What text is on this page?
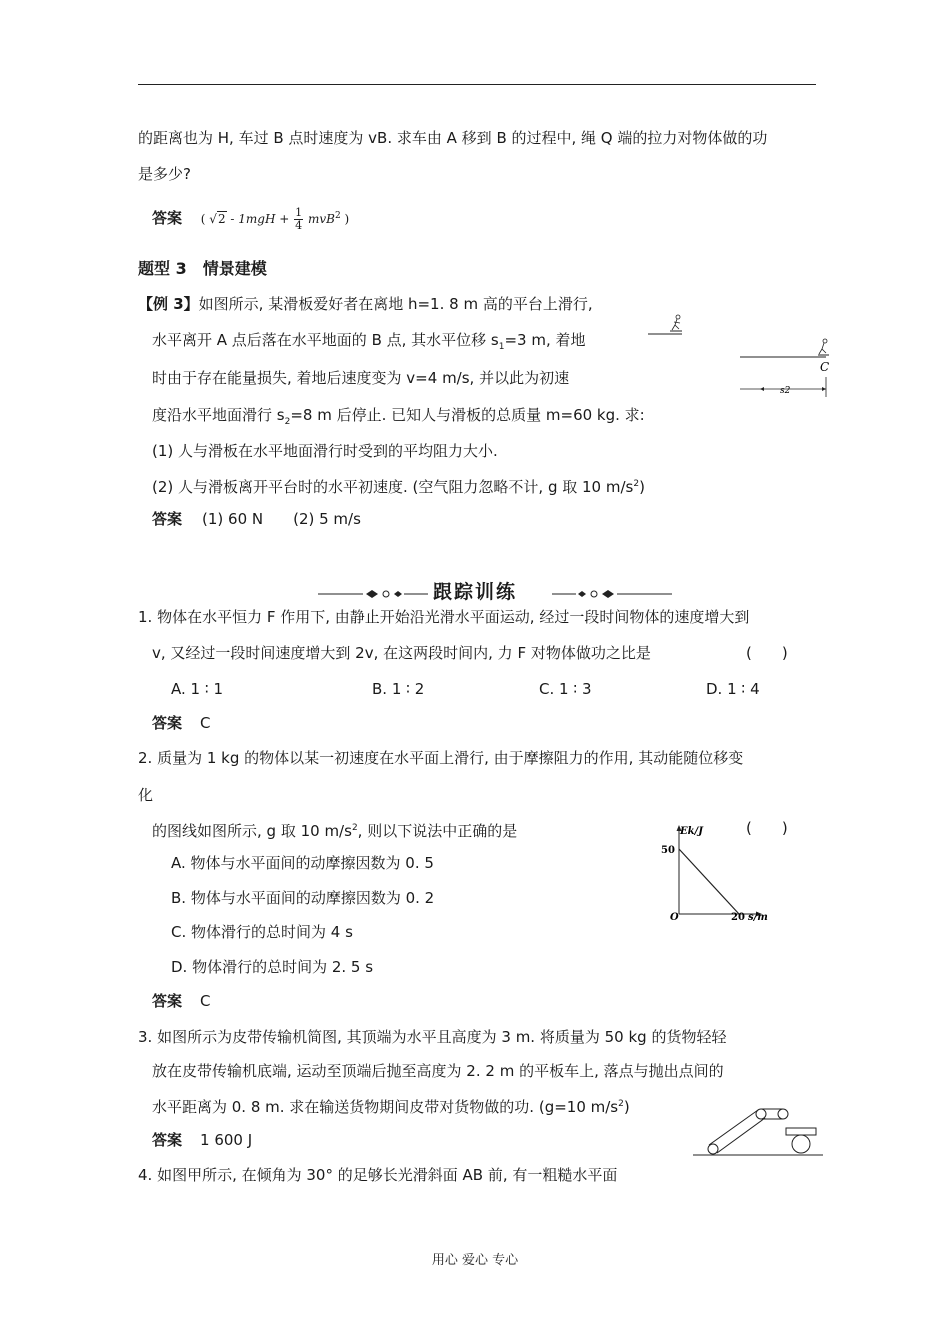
的距离也为 H, 车过 B 点时速度为 vB. 求车由 A 移到 B 的过程中, 绳 Q 端的拉力对物体做的功
是多少?
答案 ( $√2 - 1mgH + \frac{1}{4} mvB^2$ )
题型 3　情景建模
【例 3】如图所示, 某滑板爱好者在离地 h=1. 8 m 高的平台上滑行,
水平离开 A 点后落在水平地面的 B 点, 其水平位移 $s_1=3$ m, 着地
时由于存在能量损失, 着地后速度变为 v=4 m/s, 并以此为初速
度沿水平地面滑行 $s_2=8$ m 后停止. 已知人与滑板的总质量 m=60 kg. 求:
(1) 人与滑板在水平地面滑行时受到的平均阻力大小.
(2) 人与滑板离开平台时的水平初速度. (空气阻力忽略不计, g 取 10 $m/s^2$)
答案 (1) 60 N　　(2) 5 m/s
C
s2
跟踪训练
1. 物体在水平恒力 F 作用下, 由静止开始沿光滑水平面运动, 经过一段时间物体的速度增大到
v, 又经过一段时间速度增大到 2v, 在这两段时间内, 力 F 对物体做功之比是	(　　)
A. 1 ∶ 1	B. 1 ∶ 2	C. 1 ∶ 3	D. 1 ∶ 4
答案 C
2. 质量为 1 kg 的物体以某一初速度在水平面上滑行, 由于摩擦阻力的作用, 其动能随位移变
化
的图线如图所示, g 取 10 $m/s^2$, 则以下说法中正确的是	(　　)
A. 物体与水平面间的动摩擦因数为 0. 5
B. 物体与水平面间的动摩擦因数为 0. 2
C. 物体滑行的总时间为 4 s
D. 物体滑行的总时间为 2. 5 s
答案 C
Ek/J
50
O	20 s/m
3. 如图所示为皮带传输机简图, 其顶端为水平且高度为 3 m. 将质量为 50 kg 的货物轻轻
放在皮带传输机底端, 运动至顶端后抛至高度为 2. 2 m 的平板车上, 落点与抛出点间的
水平距离为 0. 8 m. 求在输送货物期间皮带对货物做的功. (g=10 $m/s^2$)
答案 1 600 J
4. 如图甲所示, 在倾角为 30° 的足够长光滑斜面 AB 前, 有一粗糙水平面
用心 爱心 专心
